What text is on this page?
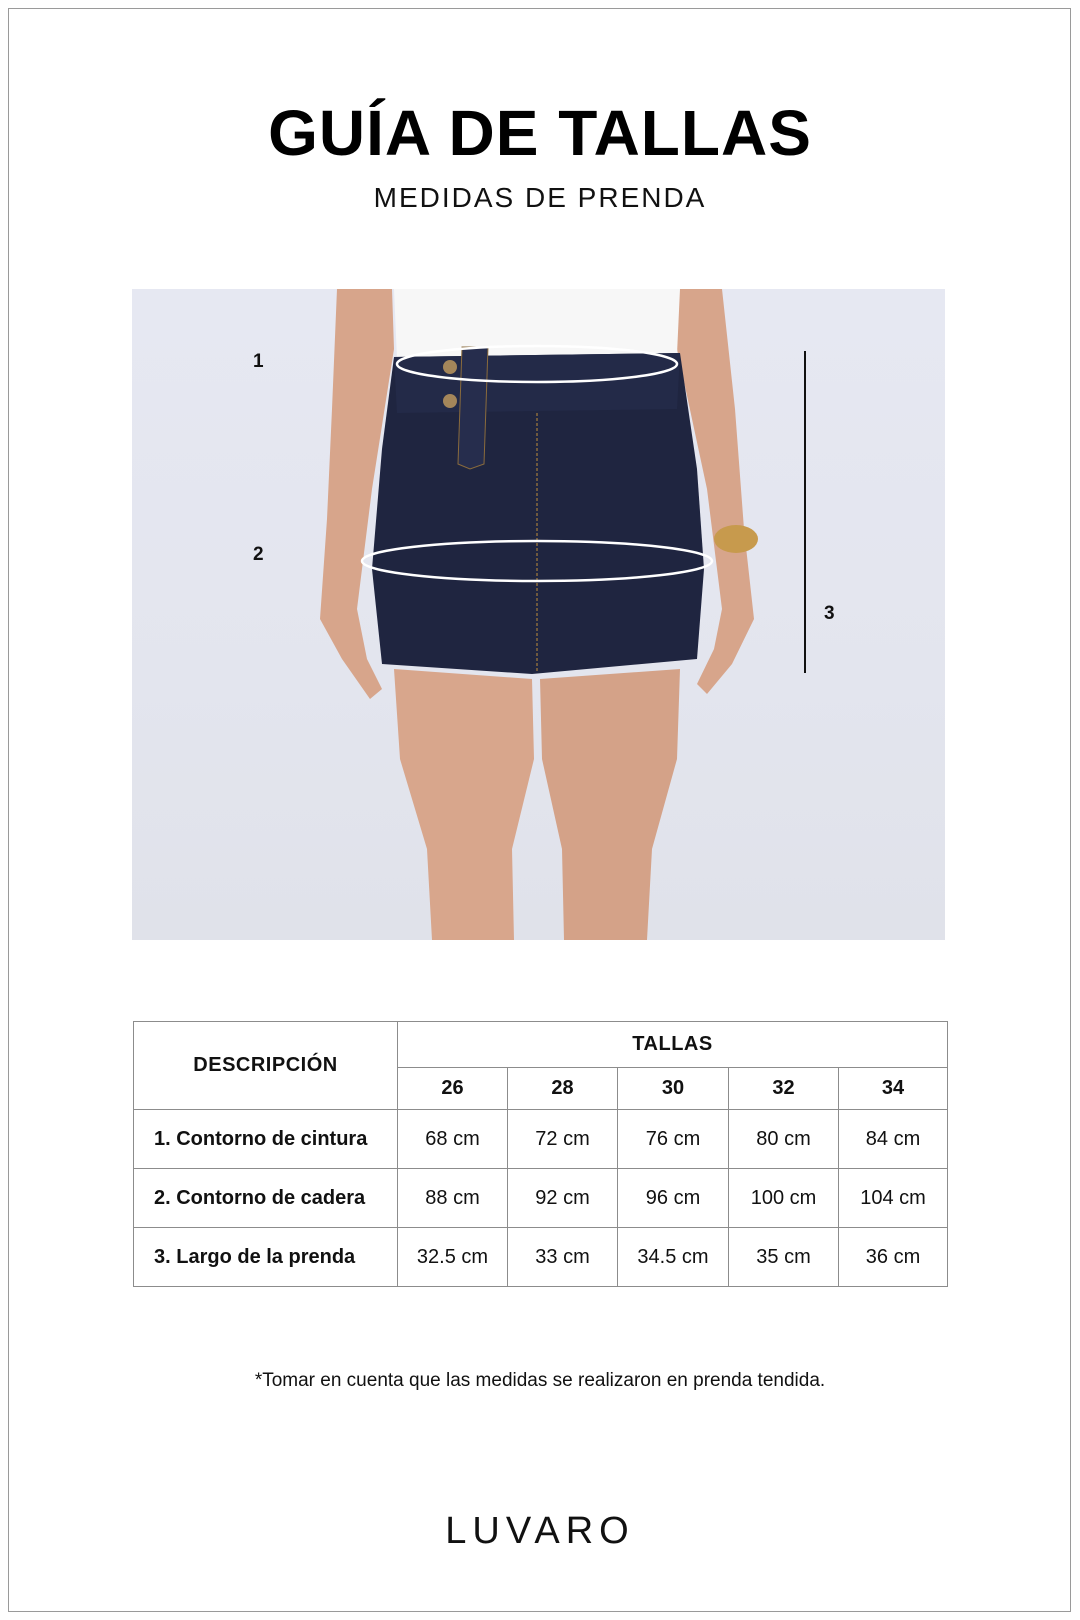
GUÍA DE TALLAS
MEDIDAS DE PRENDA
1
2
3
DESCRIPCIÓN	TALLAS				
	26	28	30	32	34
1. Contorno de cintura	68 cm	72 cm	76 cm	80 cm	84 cm
2. Contorno de cadera	88 cm	92 cm	96 cm	100 cm	104 cm
3. Largo de la prenda	32.5 cm	33 cm	34.5 cm	35 cm	36 cm
*Tomar en cuenta que las medidas se realizaron en prenda tendida.
LUVARO
